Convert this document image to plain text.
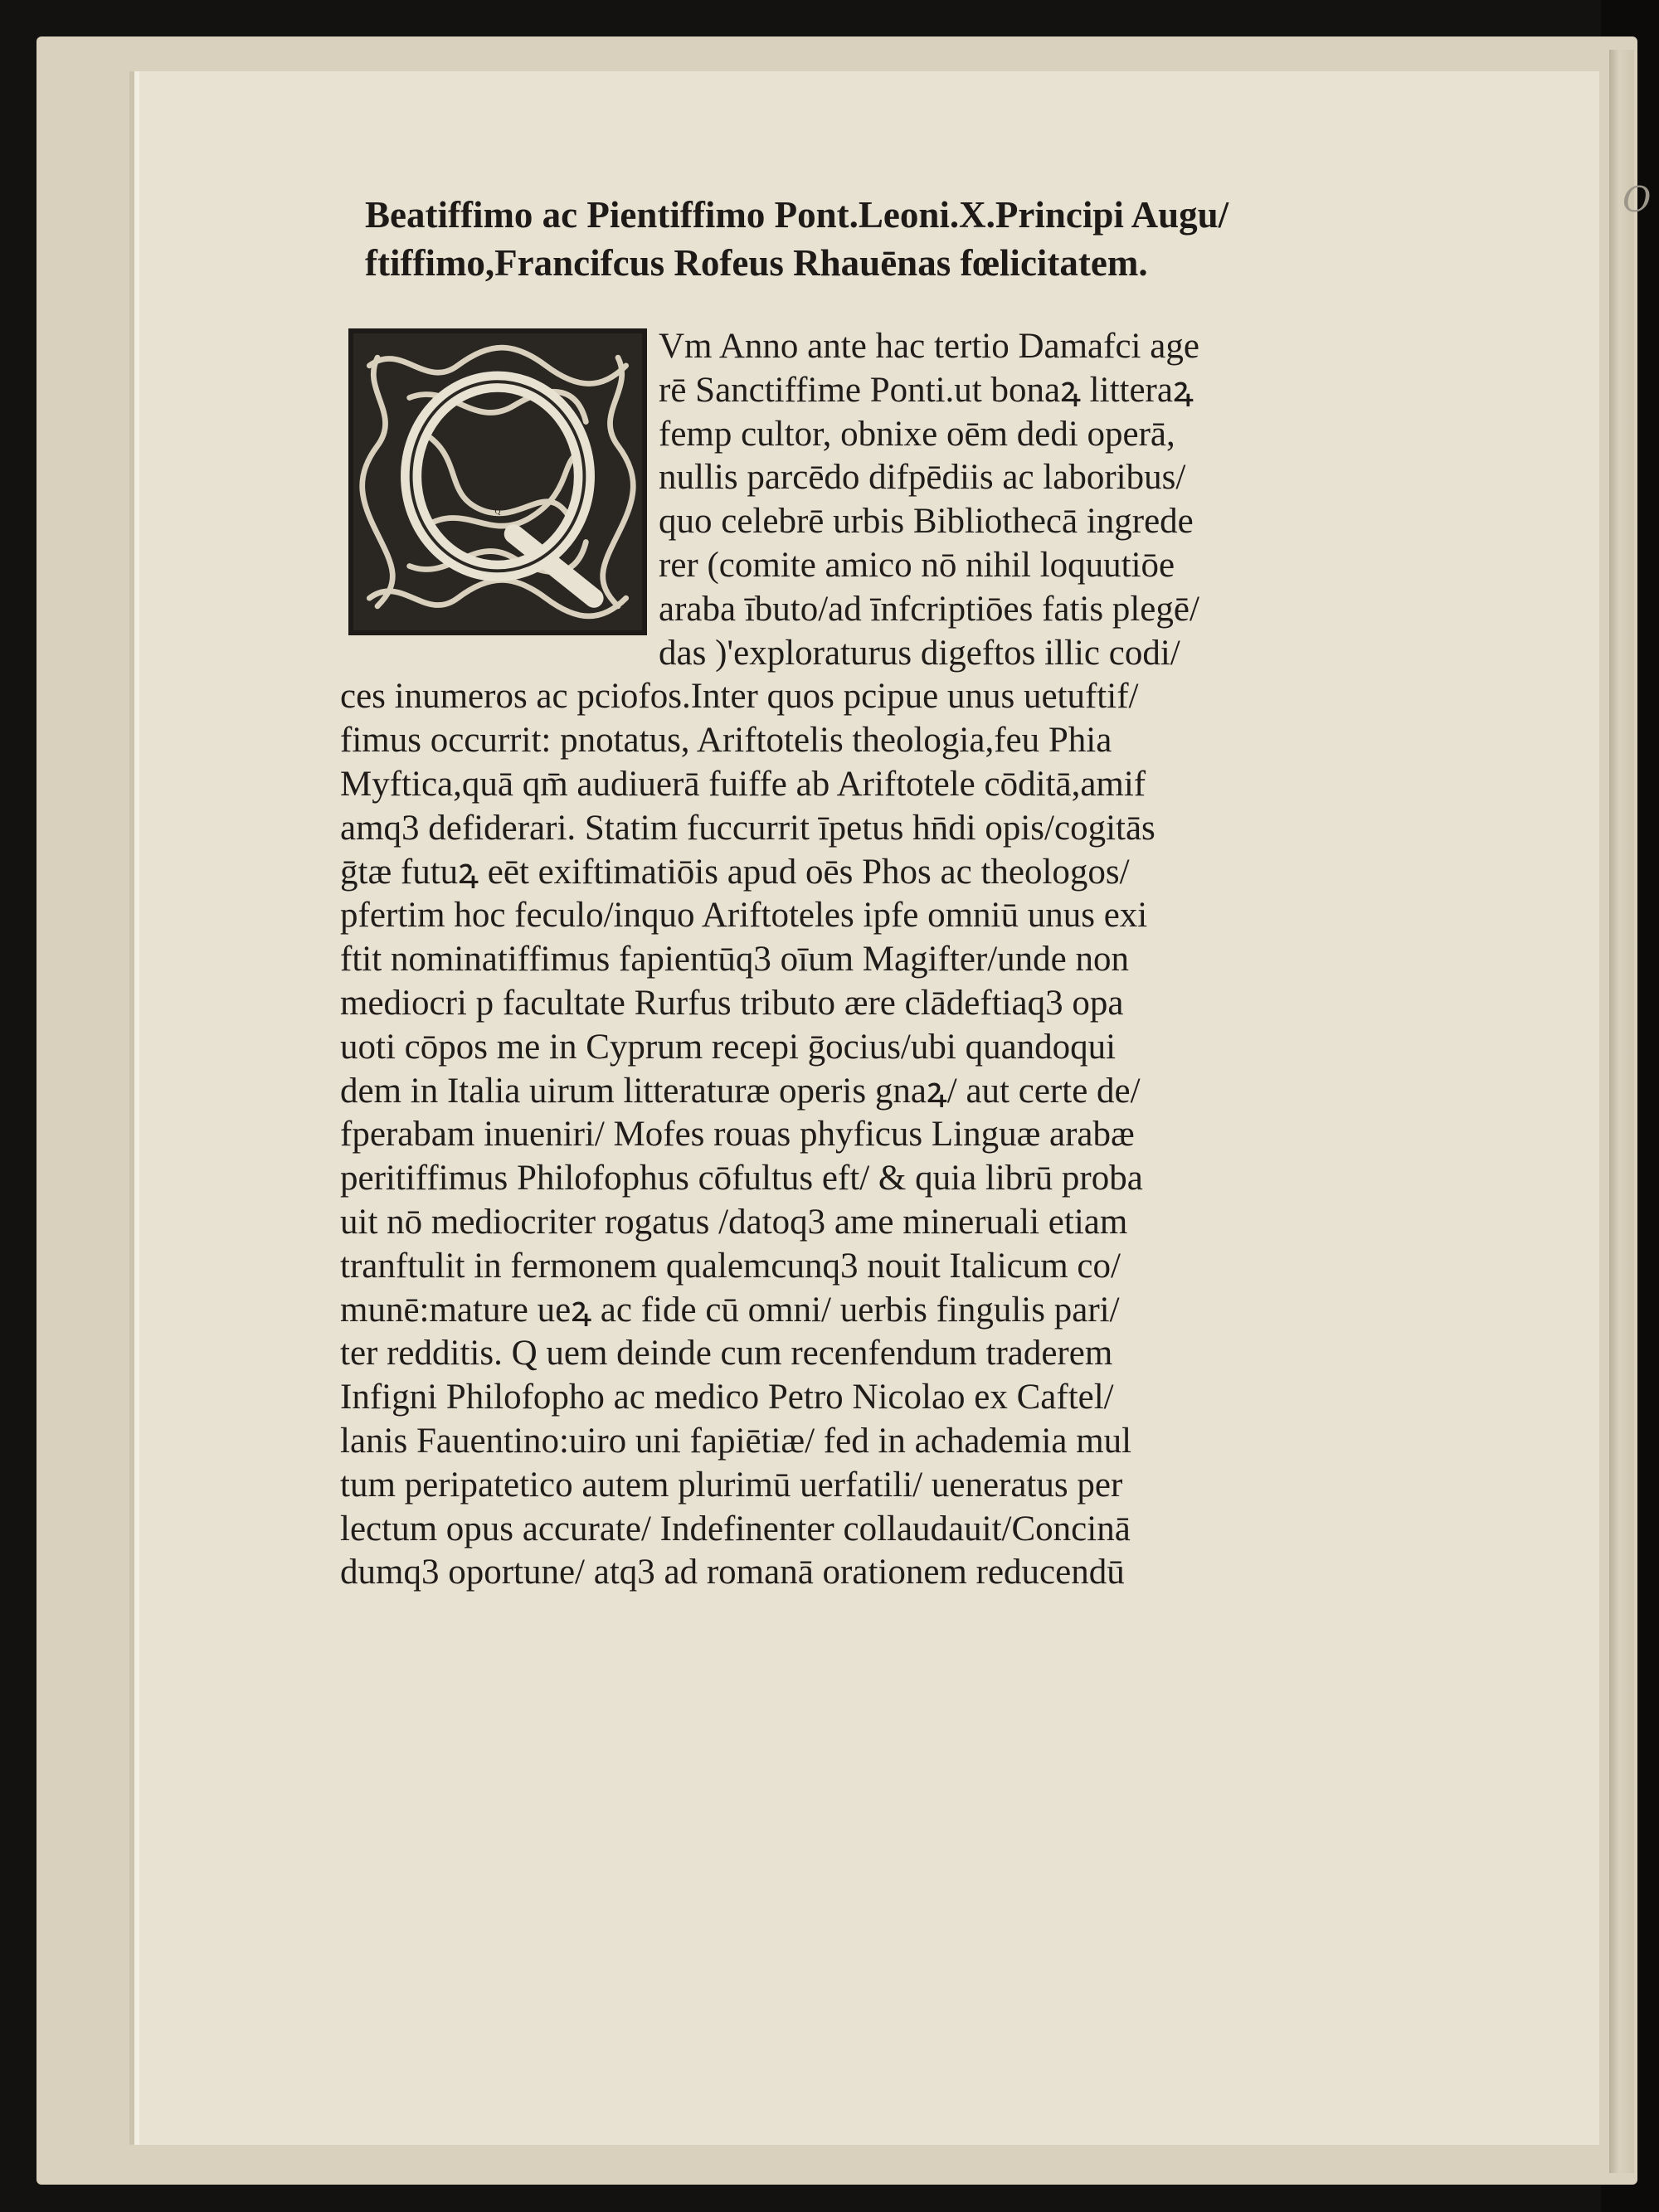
O
Beatiffimo ac Pientiffimo Pont.Leoni.X.Principi Augu/
ftiffimo,Francifcus Rofeus Rhauēnas fœlicitatem.
Q
Vm Anno ante hac tertio Damafci age
rē Sanctiffime Ponti.ut bonaꝝ litteraꝝ
femp cultor, obnixe oēm dedi operā,
nullis parcēdo difpēdiis ac laboribus/
quo celebrē urbis Bibliothecā ingrede
rer (comite amico nō nihil loquutiōe
araba ībuto/ad īnfcriptiōes fatis plegē/
das )'exploraturus digeftos illic codi/
ces inumeros ac pciofos.Inter quos pcipue unus uetuftif/
fimus occurrit: pnotatus, Ariftotelis theologia,feu Phia
Myftica,quā qm̄ audiuerā fuiffe ab Ariftotele cōditā,amif
amq3 defiderari. Statim fuccurrit īpetus hn̄di opis/cogitās
ḡtæ futuꝝ eēt exiftimatiōis apud oēs Phos ac theologos/
pfertim hoc feculo/inquo Ariftoteles ipfe omniū unus exi
ftit nominatiffimus fapientūq3 oīum Magifter/unde non
mediocri p facultate Rurfus tributo ære clādeftiaq3 opa
uoti cōpos me in Cyprum recepi ḡocius/ubi quandoqui
dem in Italia uirum litteraturæ operis gnaꝝ/ aut certe de/
fperabam inueniri/ Mofes rouas phyficus Linguæ arabæ
peritiffimus Philofophus cōfultus eft/ & quia librū proba
uit nō mediocriter rogatus /datoq3 ame mineruali etiam
tranftulit in fermonem qualemcunq3 nouit Italicum co/
munē:mature ueꝝ ac fide cū omni/ uerbis fingulis pari/
ter redditis. Q uem deinde cum recenfendum traderem
Infigni Philofopho ac medico Petro Nicolao ex Caftel/
lanis Fauentino:uiro uni fapiētiæ/ fed in achademia mul
tum peripatetico autem plurimū uerfatili/ ueneratus per
lectum opus accurate/ Indefinenter collaudauit/Concinā
dumq3 oportune/ atq3 ad romanā orationem reducendū
